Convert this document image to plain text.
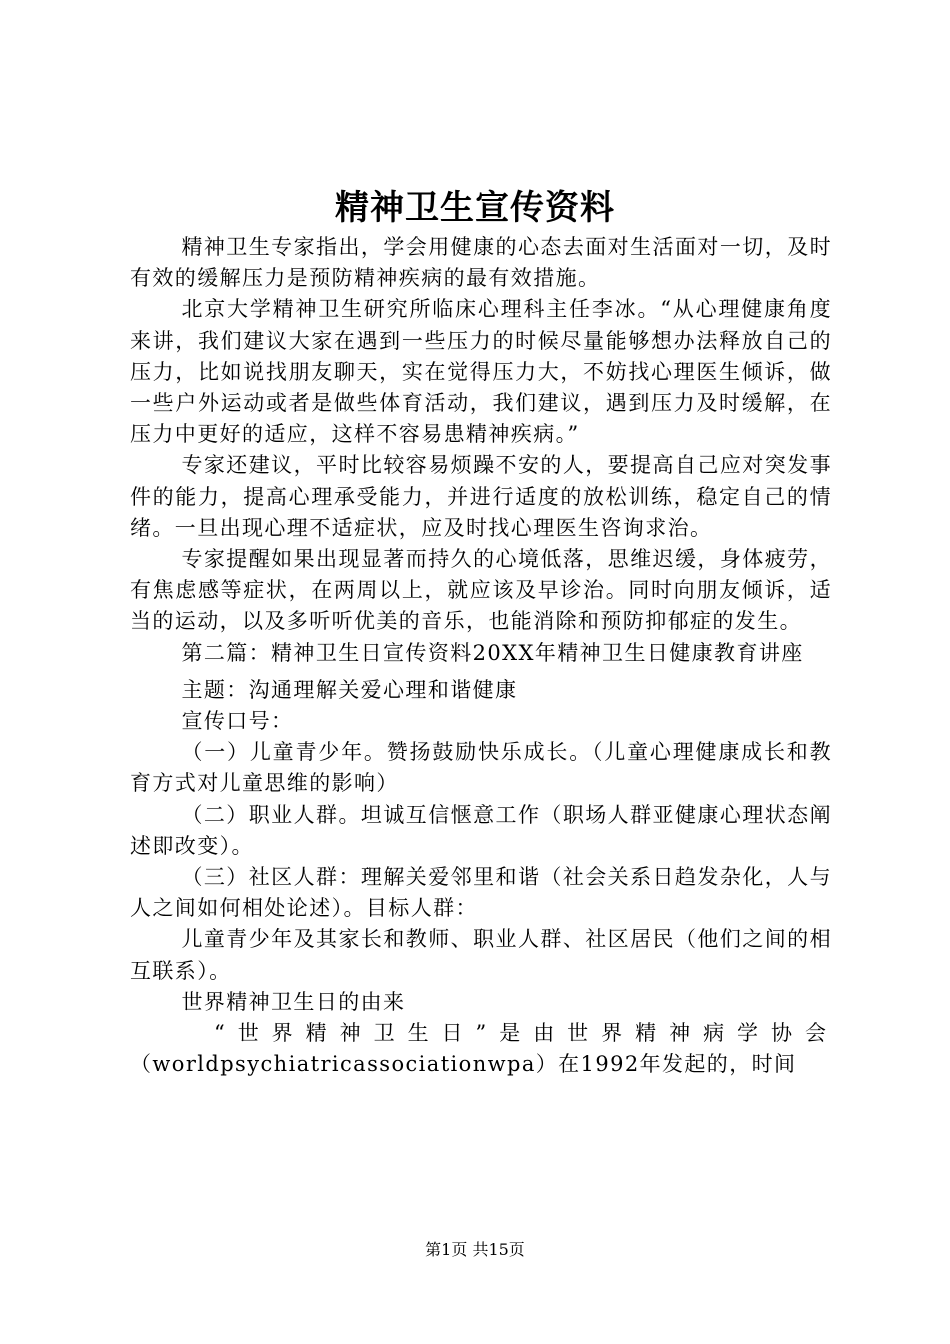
精神卫生宣传资料

精神卫生专家指出，学会用健康的心态去面对生活面对一切，及时有效的缓解压力是预防精神疾病的最有效措施。

北京大学精神卫生研究所临床心理科主任李冰。“从心理健康角度来讲，我们建议大家在遇到一些压力的时候尽量能够想办法释放自己的压力，比如说找朋友聊天，实在觉得压力大，不妨找心理医生倾诉，做一些户外运动或者是做些体育活动，我们建议，遇到压力及时缓解，在压力中更好的适应，这样不容易患精神疾病。”

专家还建议，平时比较容易烦躁不安的人，要提高自己应对突发事件的能力，提高心理承受能力，并进行适度的放松训练，稳定自己的情绪。一旦出现心理不适症状，应及时找心理医生咨询求治。

专家提醒如果出现显著而持久的心境低落，思维迟缓，身体疲劳，有焦虑感等症状，在两周以上，就应该及早诊治。同时向朋友倾诉，适当的运动，以及多听听优美的音乐，也能消除和预防抑郁症的发生。

第二篇：精神卫生日宣传资料20XX年精神卫生日健康教育讲座

主题：沟通理解关爱心理和谐健康

宣传口号：

（一）儿童青少年。赞扬鼓励快乐成长。（儿童心理健康成长和教育方式对儿童思维的影响）

（二）职业人群。坦诚互信惬意工作（职场人群亚健康心理状态阐述即改变）。

（三）社区人群：理解关爱邻里和谐（社会关系日趋发杂化，人与人之间如何相处论述）。目标人群：

儿童青少年及其家长和教师、职业人群、社区居民（他们之间的相互联系）。

世界精神卫生日的由来

“世界精神卫生日”是由世界精神病学协会

（worldpsychiatricassociationwpa）在1992年发起的，时间

第1页 共15页
